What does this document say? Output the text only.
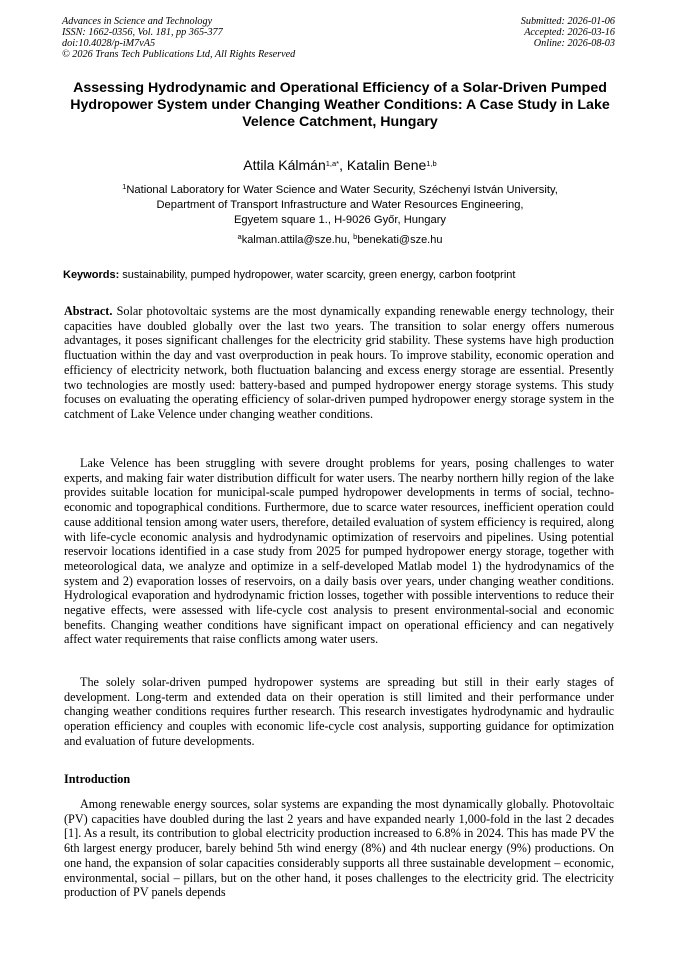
Advances in Science and Technology
ISSN: 1662-0356, Vol. 181, pp 365-377
doi:10.4028/p-iM7vA5
© 2026 Trans Tech Publications Ltd, All Rights Reserved
Submitted: 2026-01-06
Accepted: 2026-03-16
Online: 2026-08-03
Assessing Hydrodynamic and Operational Efficiency of a Solar-Driven Pumped Hydropower System under Changing Weather Conditions: A Case Study in Lake Velence Catchment, Hungary
Attila Kálmán$^{1,a*}$, Katalin Bene$^{1,b}$
$^1$National Laboratory for Water Science and Water Security, Széchenyi István University,
Department of Transport Infrastructure and Water Resources Engineering,
Egyetem square 1., H-9026 Győr, Hungary
$^a$kalman.attila@sze.hu, $^b$benekati@sze.hu
Keywords: sustainability, pumped hydropower, water scarcity, green energy, carbon footprint

Abstract. Solar photovoltaic systems are the most dynamically expanding renewable energy technology, their capacities have doubled globally over the last two years. The transition to solar energy offers numerous advantages, it poses significant challenges for the electricity grid stability. These systems have high production fluctuation within the day and vast overproduction in peak hours. To improve stability, economic operation and efficiency of electricity network, both fluctuation balancing and excess energy storage are essential. Presently two technologies are mostly used: battery-based and pumped hydropower energy storage systems. This study focuses on evaluating the operating efficiency of solar-driven pumped hydropower energy storage system in the catchment of Lake Velence under changing weather conditions.

Lake Velence has been struggling with severe drought problems for years, posing challenges to water experts, and making fair water distribution difficult for water users. The nearby northern hilly region of the lake provides suitable location for municipal-scale pumped hydropower developments in terms of social, techno-economic and topographical conditions. Furthermore, due to scarce water resources, inefficient operation could cause additional tension among water users, therefore, detailed evaluation of system efficiency is required, along with life-cycle economic analysis and hydrodynamic optimization of reservoirs and pipelines. Using potential reservoir locations identified in a case study from 2025 for pumped hydropower energy storage, together with meteorological data, we analyze and optimize in a self-developed Matlab model 1) the hydrodynamics of the system and 2) evaporation losses of reservoirs, on a daily basis over years, under changing weather conditions. Hydrological evaporation and hydrodynamic friction losses, together with possible interventions to reduce their negative effects, were assessed with life-cycle cost analysis to present environmental-social and economic benefits. Changing weather conditions have significant impact on operational efficiency and can negatively affect water requirements that raise conflicts among water users.

The solely solar-driven pumped hydropower systems are spreading but still in their early stages of development. Long-term and extended data on their operation is still limited and their performance under changing weather conditions requires further research. This research investigates hydrodynamic and hydraulic operation efficiency and couples with economic life-cycle cost analysis, supporting guidance for optimization and evaluation of future developments.

Introduction

Among renewable energy sources, solar systems are expanding the most dynamically globally. Photovoltaic (PV) capacities have doubled during the last 2 years and have expanded nearly 1,000-fold in the last 2 decades [1]. As a result, its contribution to global electricity production increased to 6.8% in 2024. This has made PV the 6th largest energy producer, barely behind 5th wind energy (8%) and 4th nuclear energy (9%) productions. On one hand, the expansion of solar capacities considerably supports all three sustainable development – economic, environmental, social – pillars, but on the other hand, it poses challenges to the electricity grid. The electricity production of PV panels depends
